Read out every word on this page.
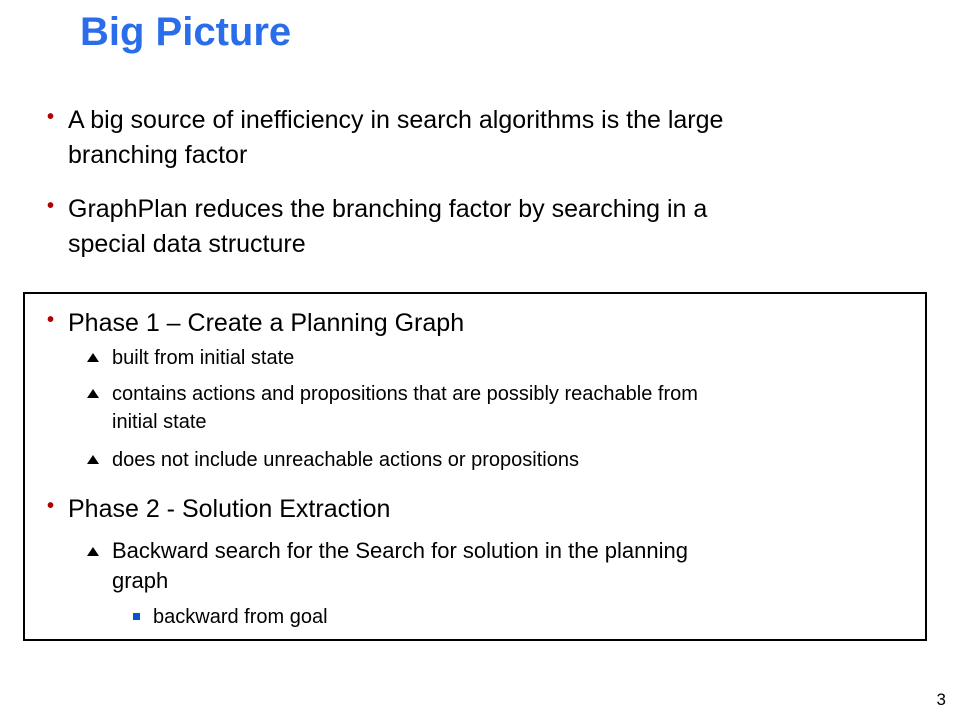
Big Picture
• A big source of inefficiency in search algorithms is the large
branching factor
• GraphPlan reduces the branching factor by searching in a
special data structure
• Phase 1 – Create a Planning Graph
built from initial state
contains actions and propositions that are possibly reachable from
initial state
does not include unreachable actions or propositions
• Phase 2 - Solution Extraction
Backward search for the Search for solution in the planning
graph
backward from goal
3
